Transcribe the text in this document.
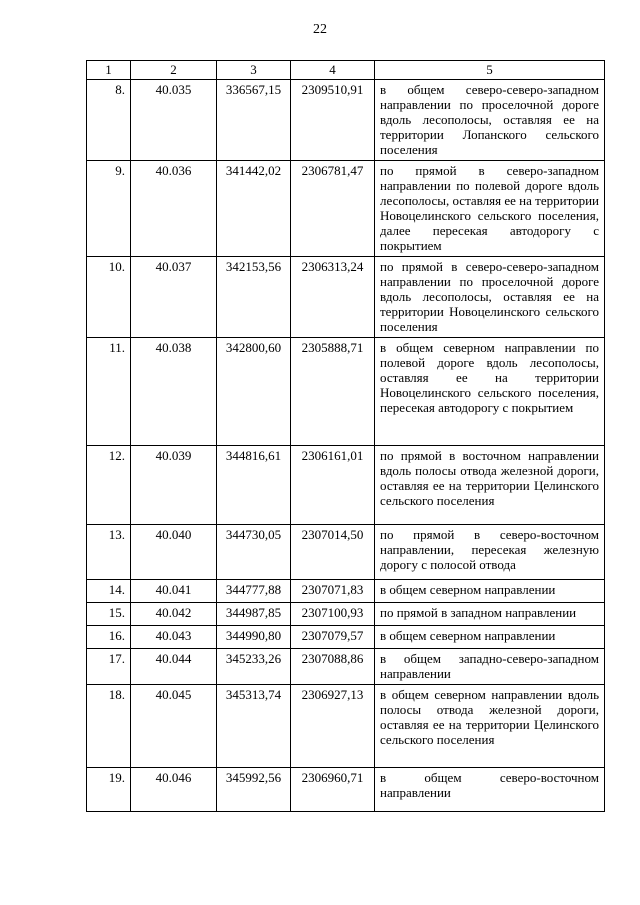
22
1	2	3	4	5
8.	40.035	336567,15	2309510,91	в общем северо-северо-западном направлении по проселочной дороге вдоль лесополосы, оставляя ее на территории Лопанского сельского поселения
9.	40.036	341442,02	2306781,47	по прямой в северо-западном направлении по полевой дороге вдоль лесополосы, оставляя ее на территории Новоцелинского сельского поселения, далее пересекая автодорогу с покрытием
10.	40.037	342153,56	2306313,24	по прямой в северо-северо-западном направлении по проселочной дороге вдоль лесополосы, оставляя ее на территории Новоцелинского сельского поселения
11.	40.038	342800,60	2305888,71	в общем северном направлении по полевой дороге вдоль лесополосы, оставляя ее на территории Новоцелинского сельского поселения, пересекая автодорогу с покрытием
12.	40.039	344816,61	2306161,01	по прямой в восточном направлении вдоль полосы отвода железной дороги, оставляя ее на территории Целинского сельского поселения
13.	40.040	344730,05	2307014,50	по прямой в северо-восточном направлении, пересекая железную дорогу с полосой отвода
14.	40.041	344777,88	2307071,83	в общем северном направлении
15.	40.042	344987,85	2307100,93	по прямой в западном направлении
16.	40.043	344990,80	2307079,57	в общем северном направлении
17.	40.044	345233,26	2307088,86	в общем западно-северо-западном направлении
18.	40.045	345313,74	2306927,13	в общем северном направлении вдоль полосы отвода железной дороги, оставляя ее на территории Целинского сельского поселения
19.	40.046	345992,56	2306960,71	в общем северо-восточном направлении
